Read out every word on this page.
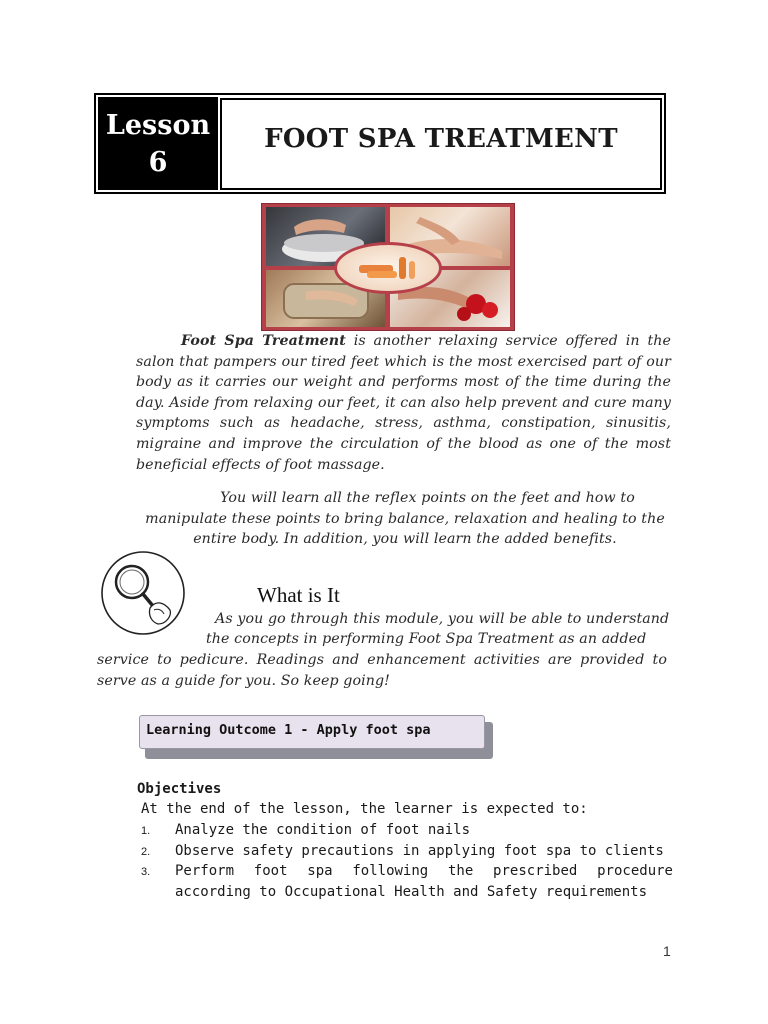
Lesson
6
FOOT SPA TREATMENT

Foot Spa Treatment is another relaxing service offered in the salon that pampers our tired feet which is the most exercised part of our body as it carries our weight and performs most of the time during the day. Aside from relaxing our feet, it can also help prevent and cure many symptoms such as headache, stress, asthma, constipation, sinusitis, migraine and improve the circulation of the blood as one of the most beneficial effects of foot massage.

You will learn all the reflex points on the feet and how to manipulate these points to bring balance, relaxation and healing to the entire body. In addition, you will learn the added benefits.

What is It
As you go through this module, you will be able to understand
the concepts in performing Foot Spa Treatment as an added

service to pedicure. Readings and enhancement activities are provided to serve as a guide for you. So keep going!

Learning Outcome 1 - Apply foot spa
Objectives
At the end of the lesson, the learner is expected to:
1. Analyze the condition of foot nails
2. Observe safety precautions in applying foot spa to clients
3. Perform foot spa following the prescribed procedure according to Occupational Health and Safety requirements
1
